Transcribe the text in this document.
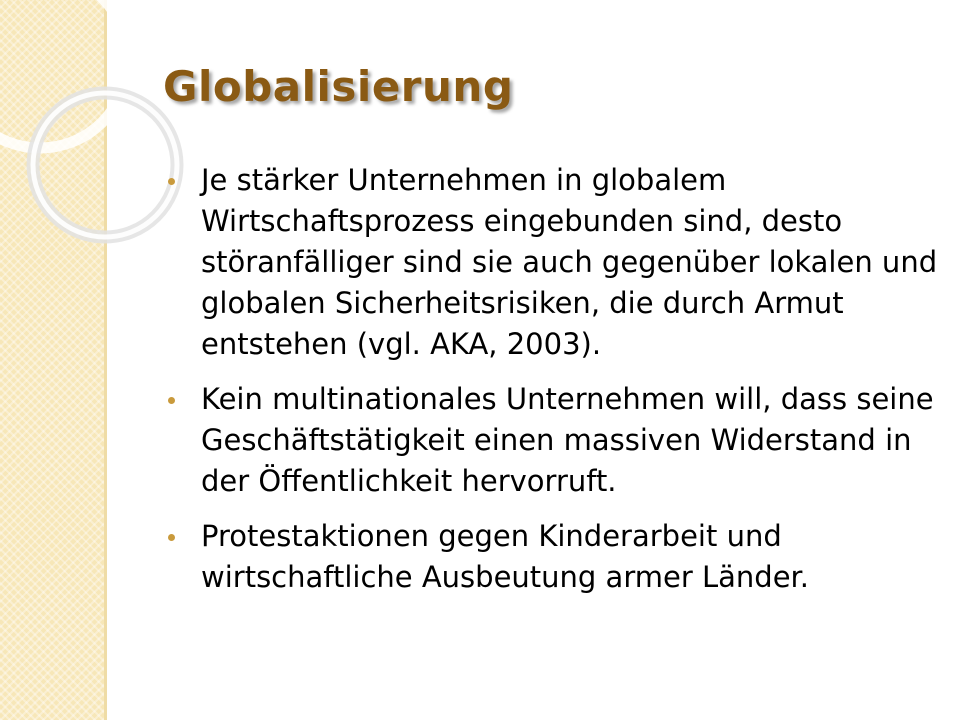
Globalisierung
Je stärker Unternehmen in globalem Wirtschaftsprozess eingebunden sind, desto störanfälliger sind sie auch gegenüber lokalen und globalen Sicherheitsrisiken, die durch Armut entstehen (vgl. AKA, 2003).
Kein multinationales Unternehmen will, dass seine Geschäftstätigkeit einen massiven Widerstand in der Öffentlichkeit hervorruft.
Protestaktionen gegen Kinderarbeit und wirtschaftliche Ausbeutung armer Länder.
